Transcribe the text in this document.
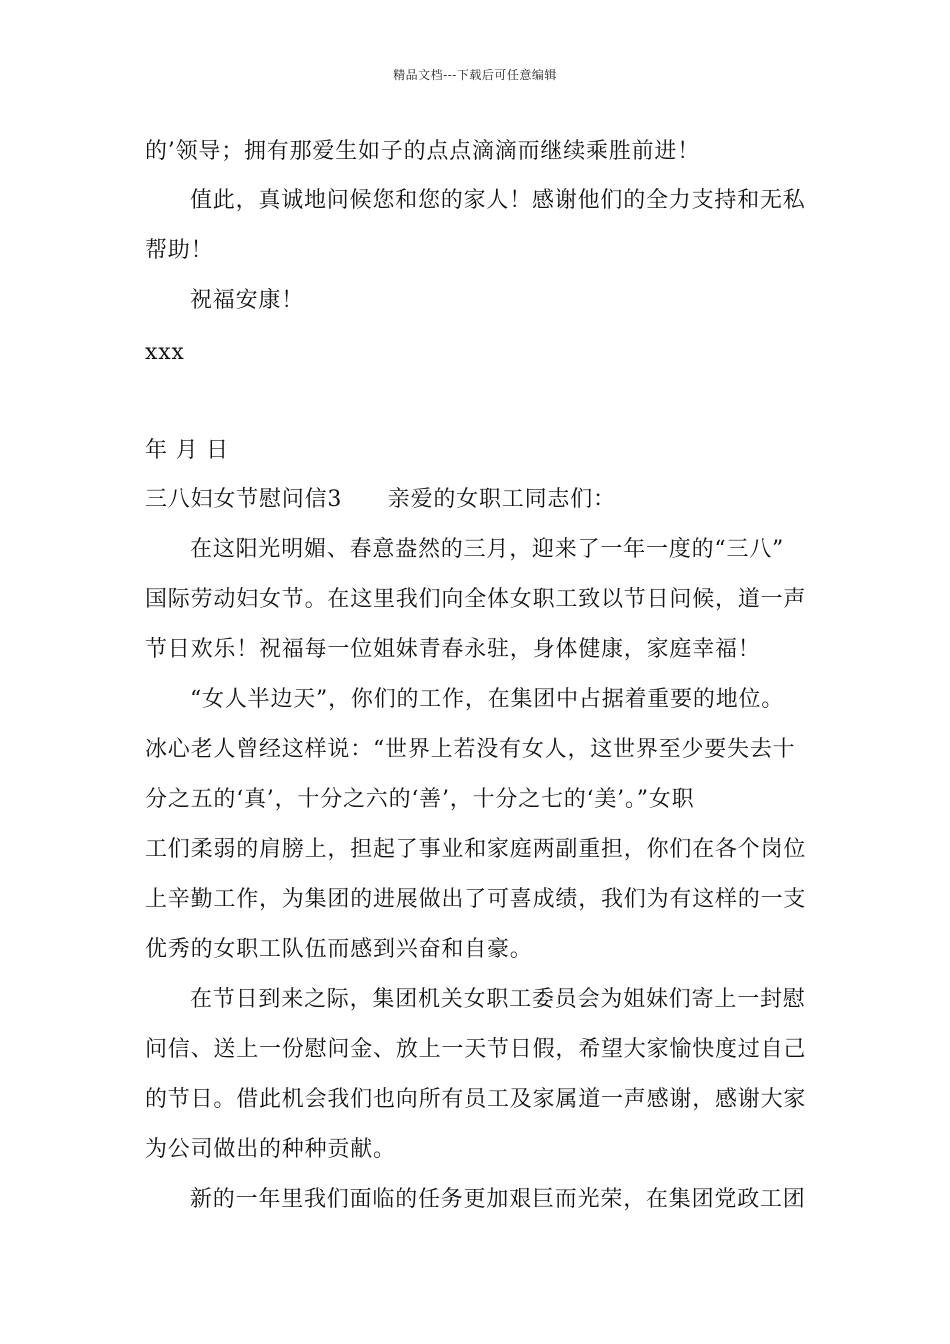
精品文档---下载后可任意编辑
的’领导；拥有那爱生如子的点点滴滴而继续乘胜前进！
值此，真诚地问候您和您的家人！感谢他们的全力支持和无私
帮助！
祝福安康！
xxx
年 月 日
三八妇女节慰问信3　　亲爱的女职工同志们：
在这阳光明媚、春意盎然的三月，迎来了一年一度的“三八”
国际劳动妇女节。在这里我们向全体女职工致以节日问候，道一声
节日欢乐！祝福每一位姐妹青春永驻，身体健康，家庭幸福！
“女人半边天”，你们的工作，在集团中占据着重要的地位。
冰心老人曾经这样说：“世界上若没有女人，这世界至少要失去十
分之五的‘真’，十分之六的‘善’，十分之七的‘美’。”女职
工们柔弱的肩膀上，担起了事业和家庭两副重担，你们在各个岗位
上辛勤工作，为集团的进展做出了可喜成绩，我们为有这样的一支
优秀的女职工队伍而感到兴奋和自豪。
在节日到来之际，集团机关女职工委员会为姐妹们寄上一封慰
问信、送上一份慰问金、放上一天节日假，希望大家愉快度过自己
的节日。借此机会我们也向所有员工及家属道一声感谢，感谢大家
为公司做出的种种贡献。
新的一年里我们面临的任务更加艰巨而光荣，在集团党政工团
